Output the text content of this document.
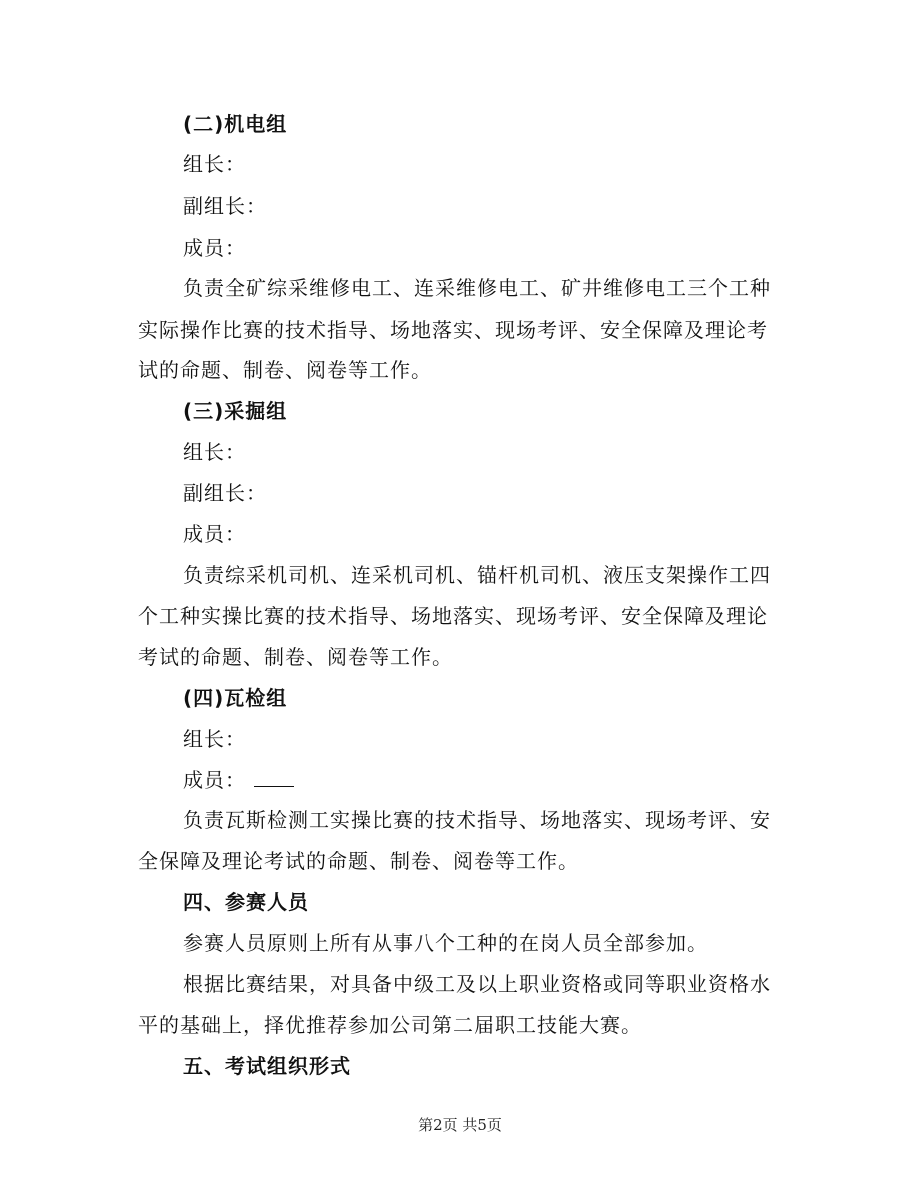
(二)机电组
组长：
副组长：
成员：
负责全矿综采维修电工、连采维修电工、矿井维修电工三个工种
实际操作比赛的技术指导、场地落实、现场考评、安全保障及理论考
试的命题、制卷、阅卷等工作。
(三)采掘组
组长：
副组长：
成员：
负责综采机司机、连采机司机、锚杆机司机、液压支架操作工四
个工种实操比赛的技术指导、场地落实、现场考评、安全保障及理论
考试的命题、制卷、阅卷等工作。
(四)瓦检组
组长：
成员：
负责瓦斯检测工实操比赛的技术指导、场地落实、现场考评、安
全保障及理论考试的命题、制卷、阅卷等工作。
四、参赛人员
参赛人员原则上所有从事八个工种的在岗人员全部参加。
根据比赛结果，对具备中级工及以上职业资格或同等职业资格水
平的基础上，择优推荐参加公司第二届职工技能大赛。
五、考试组织形式
第2页 共5页
